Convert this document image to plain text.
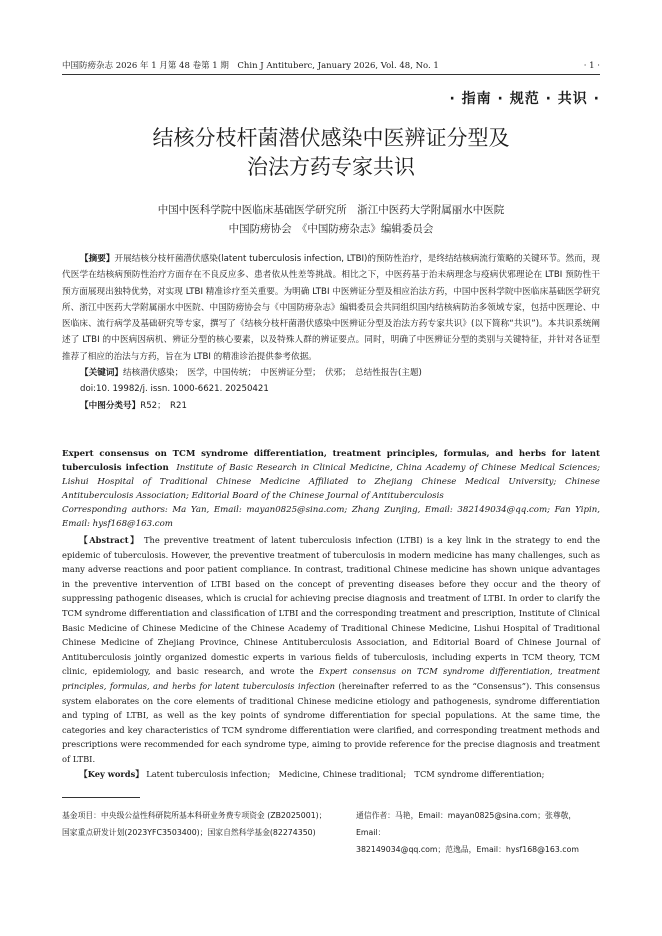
中国防痨杂志 2026 年 1 月第 48 卷第 1 期　Chin J Antituberc, January 2026, Vol. 48, No. 1	· 1 ·
· 指南 · 规范 · 共识 ·
结核分枝杆菌潜伏感染中医辨证分型及
治法方药专家共识
中国中医科学院中医临床基础医学研究所　浙江中医药大学附属丽水中医院
中国防痨协会　《中国防痨杂志》编辑委员会

【摘要】开展结核分枝杆菌潜伏感染(latent tuberculosis infection, LTBI)的预防性治疗，是终结结核病流行策略的关键环节。然而，现代医学在结核病预防性治疗方面存在不良反应多、患者依从性差等挑战。相比之下，中医药基于治未病理念与疫病伏邪理论在 LTBI 预防性干预方面展现出独特优势，对实现 LTBI 精准诊疗至关重要。为明确 LTBI 中医辨证分型及相应治法方药，中国中医科学院中医临床基础医学研究所、浙江中医药大学附属丽水中医院、中国防痨协会与《中国防痨杂志》编辑委员会共同组织国内结核病防治多领域专家，包括中医理论、中医临床、流行病学及基础研究等专家，撰写了《结核分枝杆菌潜伏感染中医辨证分型及治法方药专家共识》(以下简称“共识”)。本共识系统阐述了 LTBI 的中医病因病机、辨证分型的核心要素，以及特殊人群的辨证要点。同时，明确了中医辨证分型的类别与关键特征，并针对各证型推荐了相应的治法与方药，旨在为 LTBI 的精准诊治提供参考依据。

【关键词】结核潜伏感染；　医学，中国传统；　中医辨证分型；　伏邪；　总结性报告(主题)

doi:10. 19982/j. issn. 1000-6621. 20250421

【中图分类号】R52；　R21

Expert consensus on TCM syndrome differentiation, treatment principles, formulas, and herbs for latent tuberculosis infection Institute of Basic Research in Clinical Medicine, China Academy of Chinese Medical Sciences; Lishui Hospital of Traditional Chinese Medicine Affiliated to Zhejiang Chinese Medical University; Chinese Antituberculosis Association; Editorial Board of the Chinese Journal of Antituberculosis
Corresponding authors: Ma Yan, Email: mayan0825@sina.com; Zhang Zunjing, Email: 382149034@qq.com; Fan Yipin, Email: hysf168@163.com

【Abstract】 The preventive treatment of latent tuberculosis infection (LTBI) is a key link in the strategy to end the epidemic of tuberculosis. However, the preventive treatment of tuberculosis in modern medicine has many challenges, such as many adverse reactions and poor patient compliance. In contrast, traditional Chinese medicine has shown unique advantages in the preventive intervention of LTBI based on the concept of preventing diseases before they occur and the theory of suppressing pathogenic diseases, which is crucial for achieving precise diagnosis and treatment of LTBI. In order to clarify the TCM syndrome differentiation and classification of LTBI and the corresponding treatment and prescription, Institute of Clinical Basic Medicine of Chinese Medicine of the Chinese Academy of Traditional Chinese Medicine, Lishui Hospital of Traditional Chinese Medicine of Zhejiang Province, Chinese Antituberculosis Association, and Editorial Board of Chinese Journal of Antituberculosis jointly organized domestic experts in various fields of tuberculosis, including experts in TCM theory, TCM clinic, epidemiology, and basic research, and wrote the Expert consensus on TCM syndrome differentiation, treatment principles, formulas, and herbs for latent tuberculosis infection (hereinafter referred to as the “Consensus”). This consensus system elaborates on the core elements of traditional Chinese medicine etiology and pathogenesis, syndrome differentiation and typing of LTBI, as well as the key points of syndrome differentiation for special populations. At the same time, the categories and key characteristics of TCM syndrome differentiation were clarified, and corresponding treatment methods and prescriptions were recommended for each syndrome type, aiming to provide reference for the precise diagnosis and treatment of LTBI.

【Key words】 Latent tuberculosis infection;　Medicine, Chinese traditional;　TCM syndrome differentiation;

基金项目：中央级公益性科研院所基本科研业务费专项资金 (ZB2025001)；国家重点研发计划(2023YFC3503400)；国家自然科学基金(82274350)

通信作者：马艳，Email：mayan0825@sina.com；张尊敬，Email：

382149034@qq.com；范逸品，Email：hysf168@163.com
